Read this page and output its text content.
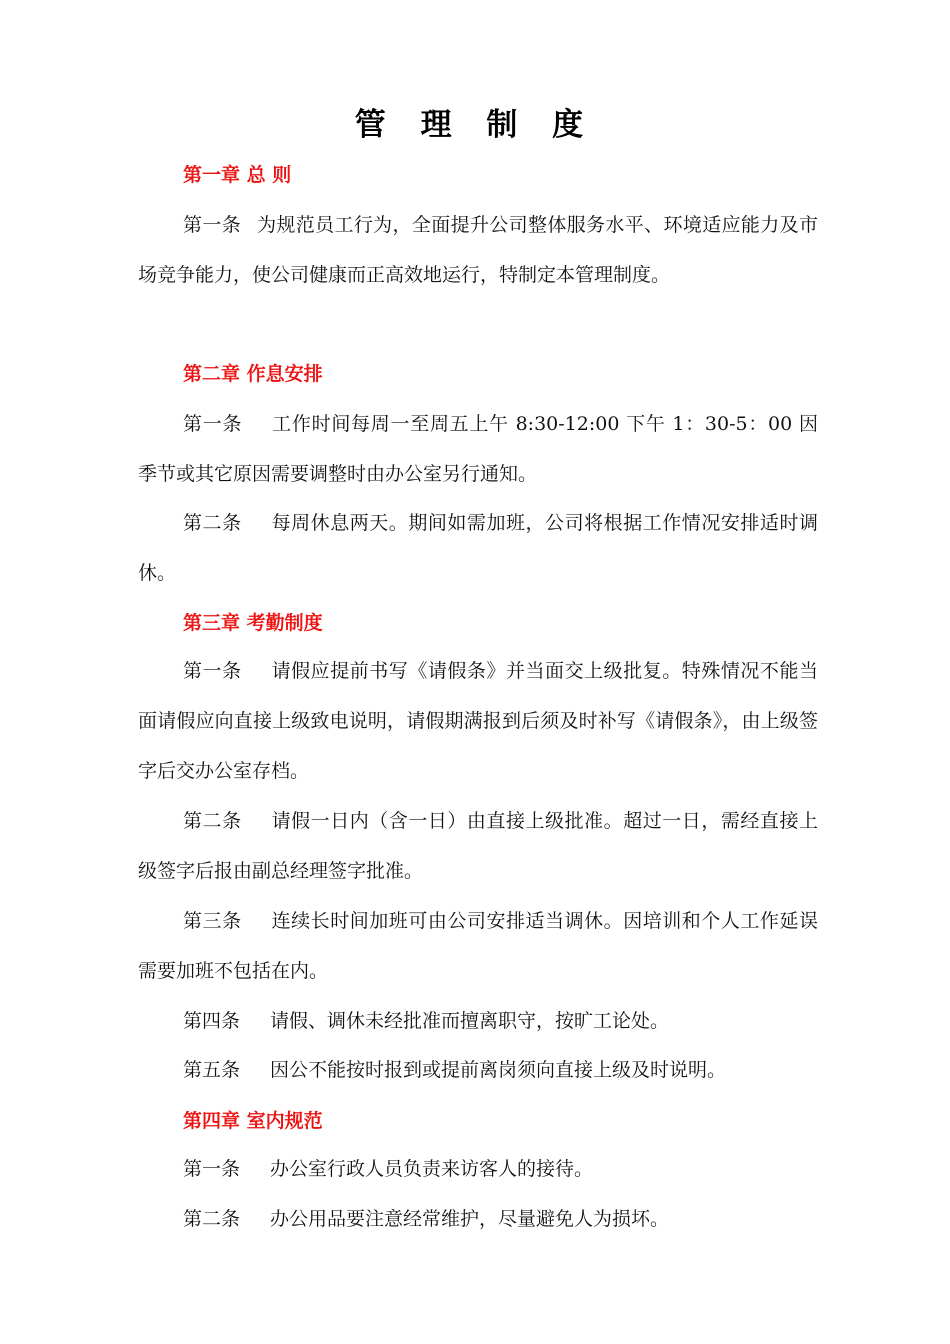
管 理 制 度
第一章 总 则
第一条 为规范员工行为，全面提升公司整体服务水平、环境适应能力及市场竞争能力，使公司健康而正高效地运行，特制定本管理制度。
第二章 作息安排
第一条 工作时间每周一至周五上午 8:30-12:00 下午 1：30-5：00 因季节或其它原因需要调整时由办公室另行通知。
第二条 每周休息两天。期间如需加班，公司将根据工作情况安排适时调休。
第三章 考勤制度
第一条 请假应提前书写《请假条》并当面交上级批复。特殊情况不能当面请假应向直接上级致电说明，请假期满报到后须及时补写《请假条》，由上级签字后交办公室存档。
第二条 请假一日内（含一日）由直接上级批准。超过一日，需经直接上级签字后报由副总经理签字批准。
第三条 连续长时间加班可由公司安排适当调休。因培训和个人工作延误需要加班不包括在内。
第四条 请假、调休未经批准而擅离职守，按旷工论处。
第五条 因公不能按时报到或提前离岗须向直接上级及时说明。
第四章 室内规范
第一条 办公室行政人员负责来访客人的接待。
第二条 办公用品要注意经常维护，尽量避免人为损坏。
